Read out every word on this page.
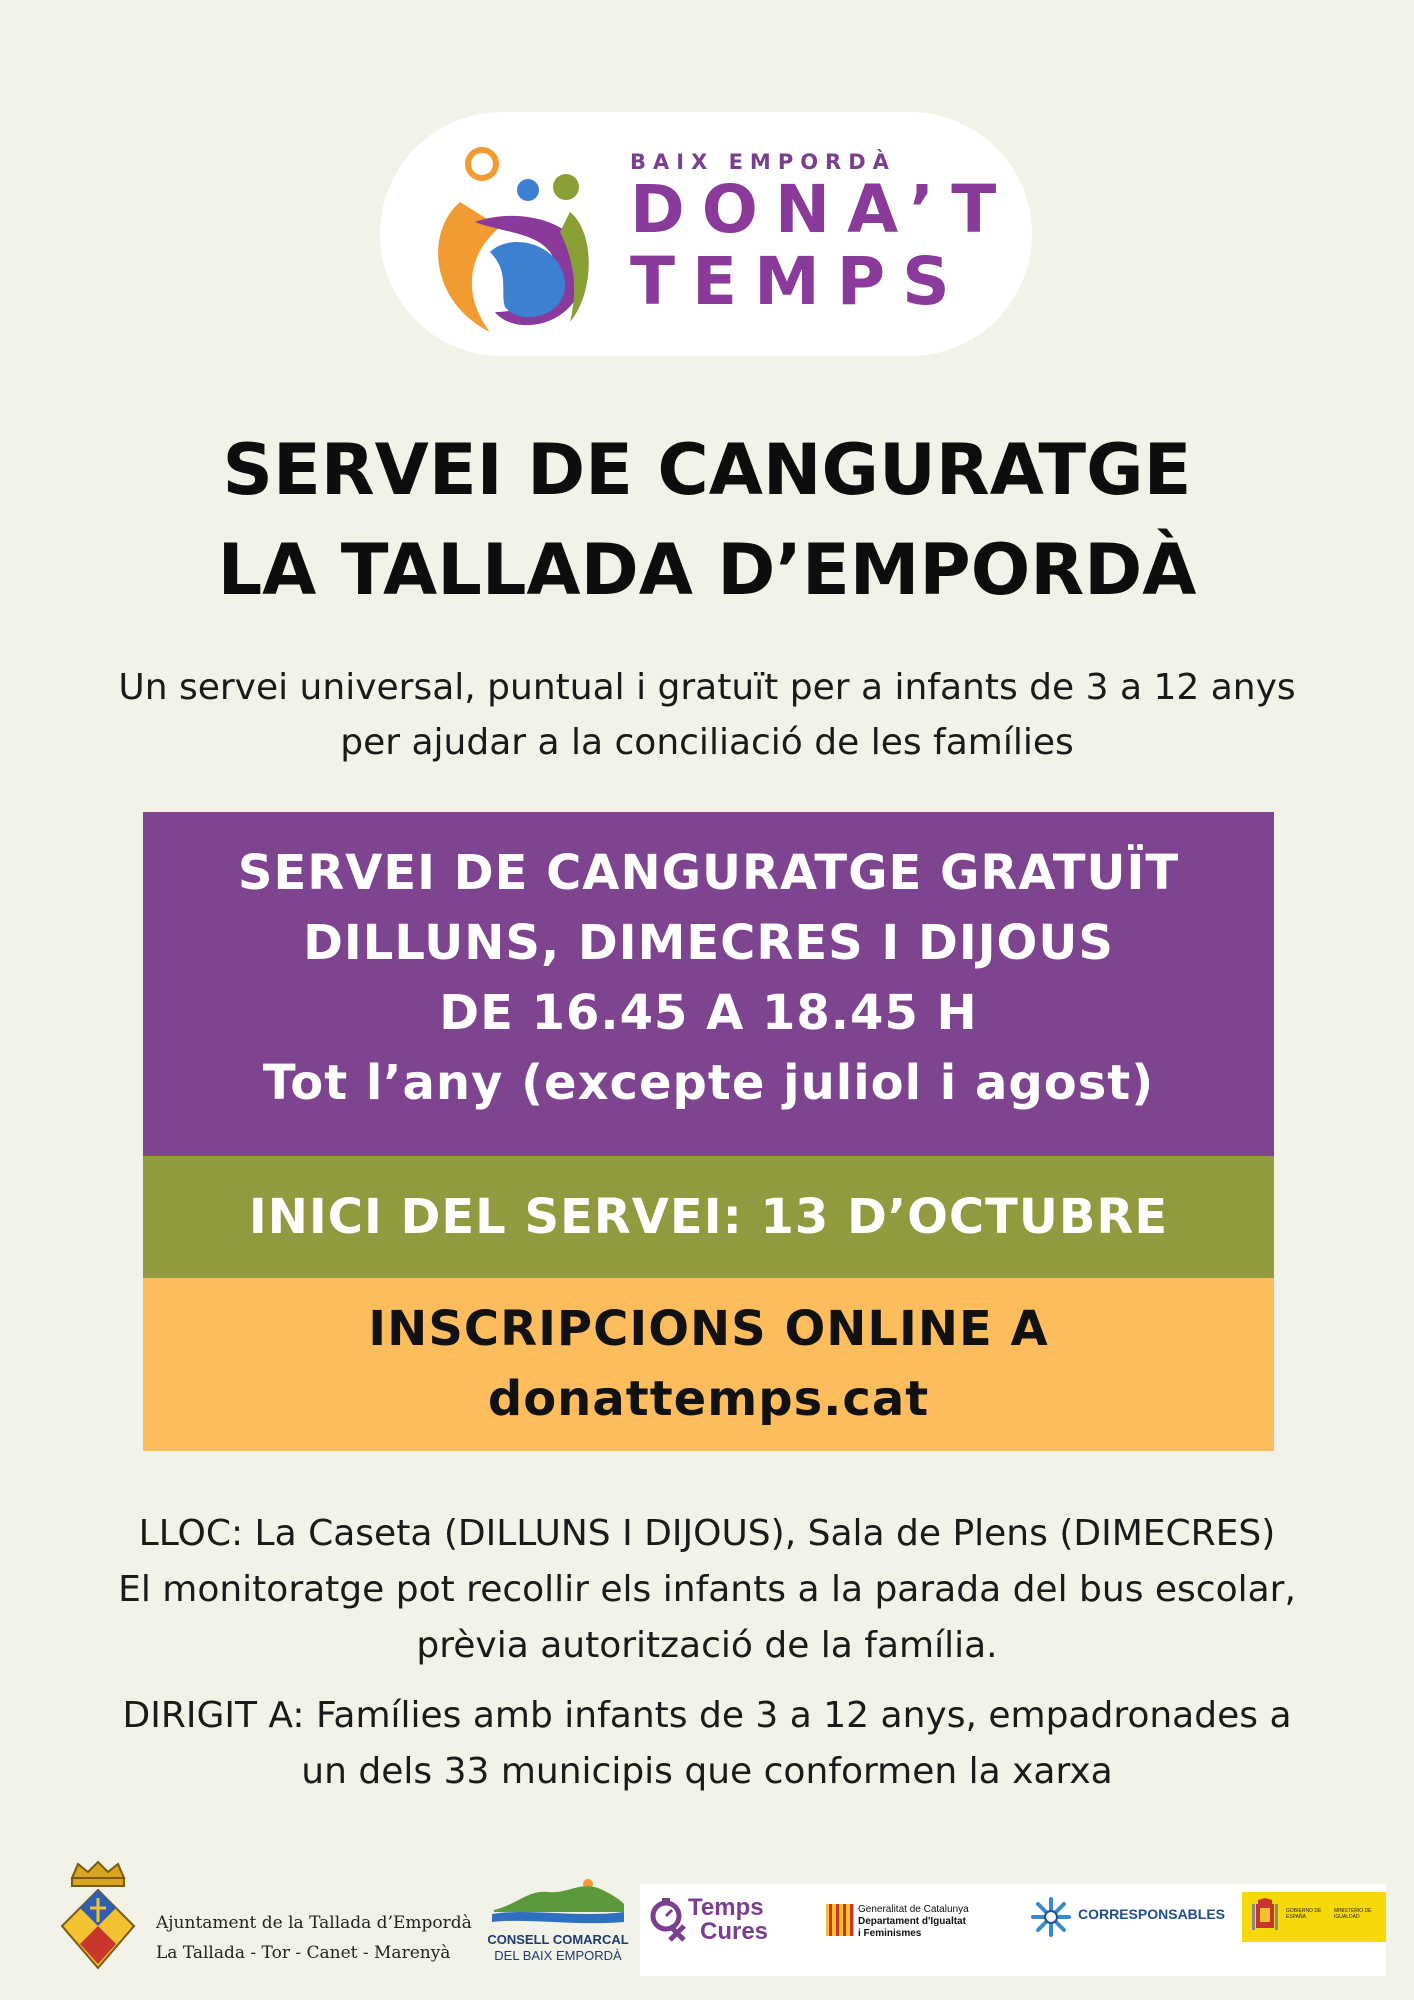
BAIX EMPORDÀ
DONA’T
TEMPS
SERVEI DE CANGURATGE
LA TALLADA D’EMPORDÀ
Un servei universal, puntual i gratuït per a infants de 3 a 12 anys
per ajudar a la conciliació de les famílies
SERVEI DE CANGURATGE GRATUÏT
DILLUNS, DIMECRES I DIJOUS
DE 16.45 A 18.45 H
Tot l’any (excepte juliol i agost)
INICI DEL SERVEI: 13 D’OCTUBRE
INSCRIPCIONS ONLINE A
donattemps.cat
LLOC: La Caseta (DILLUNS I DIJOUS), Sala de Plens (DIMECRES)
El monitoratge pot recollir els infants a la parada del bus escolar,
prèvia autorització de la família.
DIRIGIT A: Famílies amb infants de 3 a 12 anys, empadronades a
un dels 33 municipis que conformen la xarxa
Ajuntament de la Tallada d’Empordà
La Tallada - Tor - Canet - Marenyà
CONSELL COMARCAL
DEL BAIX EMPORDÀ
Temps
Cures
Generalitat de Catalunya
Departament d'Igualtat
i Feminismes
CORRESPONSABLES	GOBIERNO DE ESPAÑA
MINISTERIO DE IGUALDAD
